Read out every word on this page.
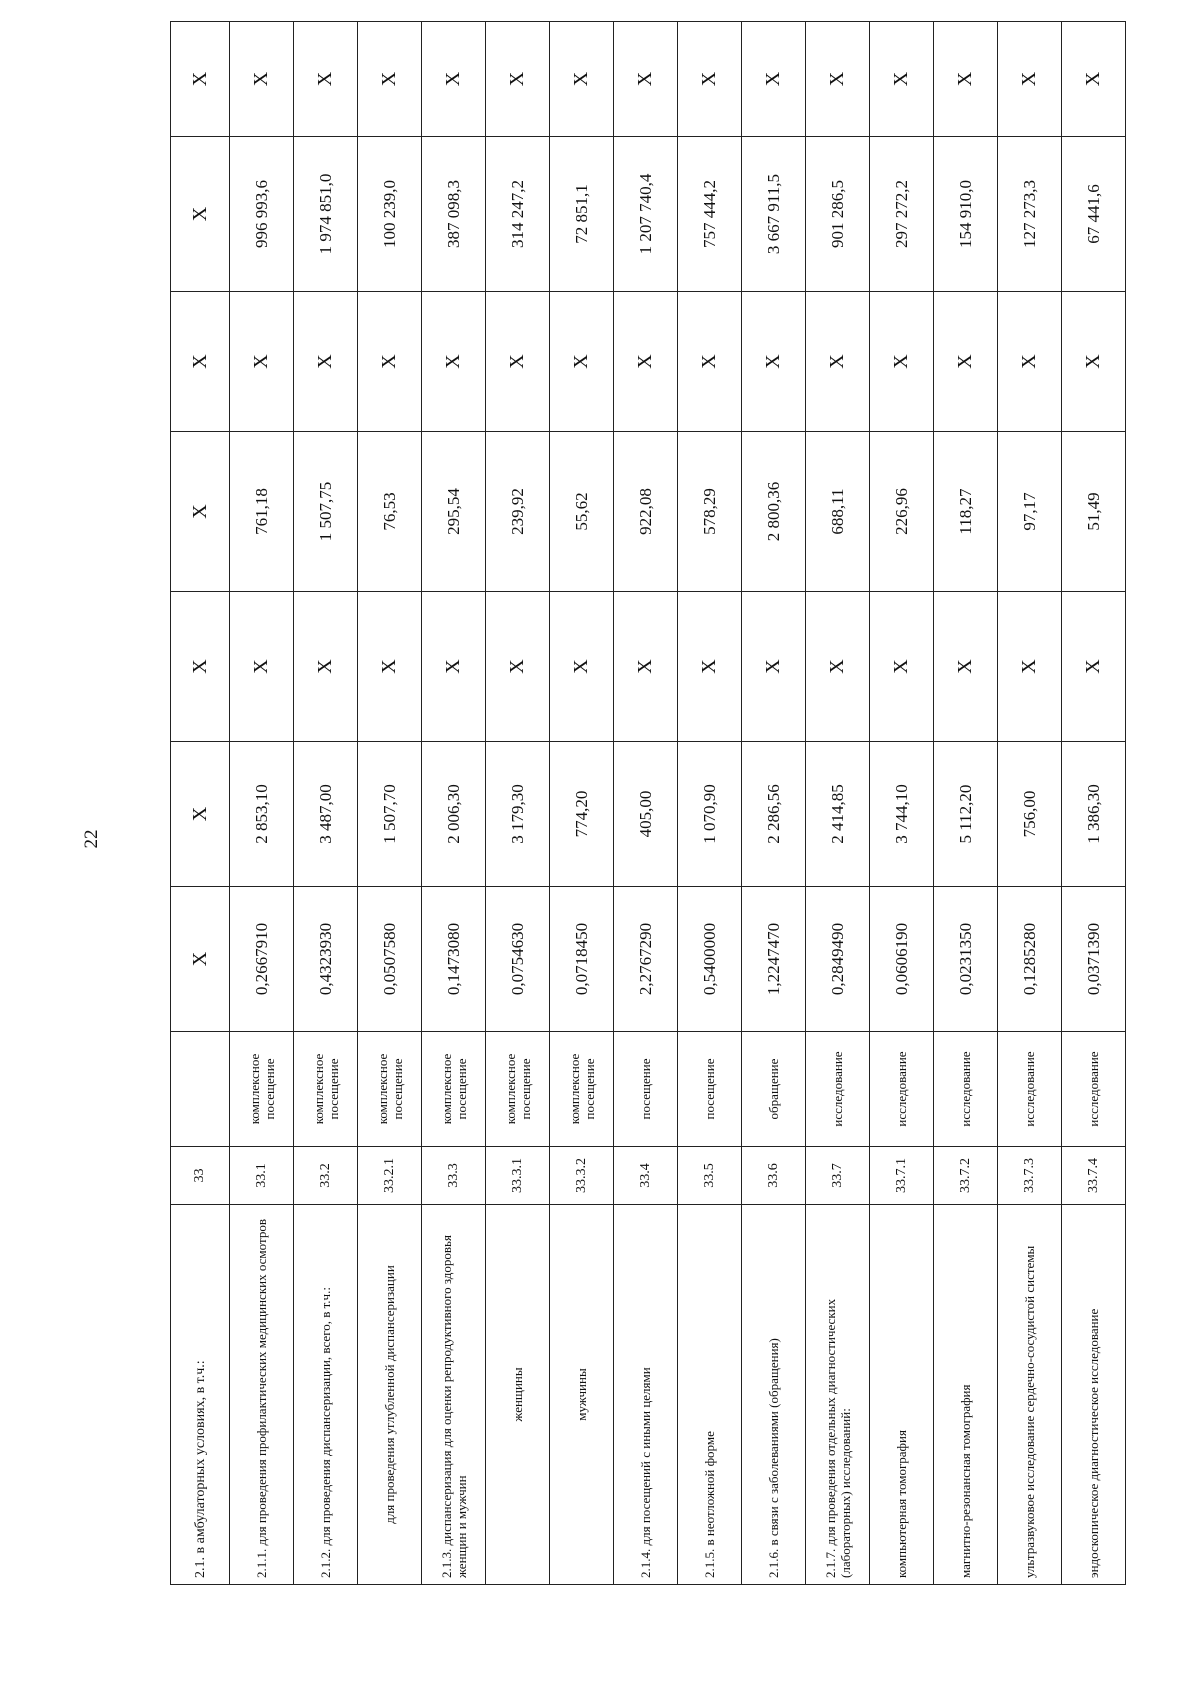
22
2.1. в амбулаторных условиях, в т.ч.:	33		X	X	X	X	X	X	X
2.1.1. для проведения профилактических медицинских осмотров	33.1	комплексное посещение	0,2667910	2 853,10	X	761,18	X	996 993,6	X
2.1.2. для проведения диспансеризации, всего, в т.ч.:	33.2	комплексное посещение	0,4323930	3 487,00	X	1 507,75	X	1 974 851,0	X
для проведения углубленной диспансеризации	33.2.1	комплексное посещение	0,0507580	1 507,70	X	76,53	X	100 239,0	X
2.1.3. диспансеризация для оценки репродуктивного здоровья женщин и мужчин	33.3	комплексное посещение	0,1473080	2 006,30	X	295,54	X	387 098,3	X
женщины	33.3.1	комплексное посещение	0,0754630	3 179,30	X	239,92	X	314 247,2	X
мужчины	33.3.2	комплексное посещение	0,0718450	774,20	X	55,62	X	72 851,1	X
2.1.4. для посещений с иными целями	33.4	посещение	2,2767290	405,00	X	922,08	X	1 207 740,4	X
2.1.5. в неотложной форме	33.5	посещение	0,5400000	1 070,90	X	578,29	X	757 444,2	X
2.1.6. в связи с заболеваниями (обращения)	33.6	обращение	1,2247470	2 286,56	X	2 800,36	X	3 667 911,5	X
2.1.7. для проведения отдельных диагностических (лабораторных) исследований:	33.7	исследование	0,2849490	2 414,85	X	688,11	X	901 286,5	X
компьютерная томография	33.7.1	исследование	0,0606190	3 744,10	X	226,96	X	297 272,2	X
магнитно-резонансная томография	33.7.2	исследование	0,0231350	5 112,20	X	118,27	X	154 910,0	X
ультразвуковое исследование сердечно-сосудистой системы	33.7.3	исследование	0,1285280	756,00	X	97,17	X	127 273,3	X
эндоскопическое диагностическое исследование	33.7.4	исследование	0,0371390	1 386,30	X	51,49	X	67 441,6	X
